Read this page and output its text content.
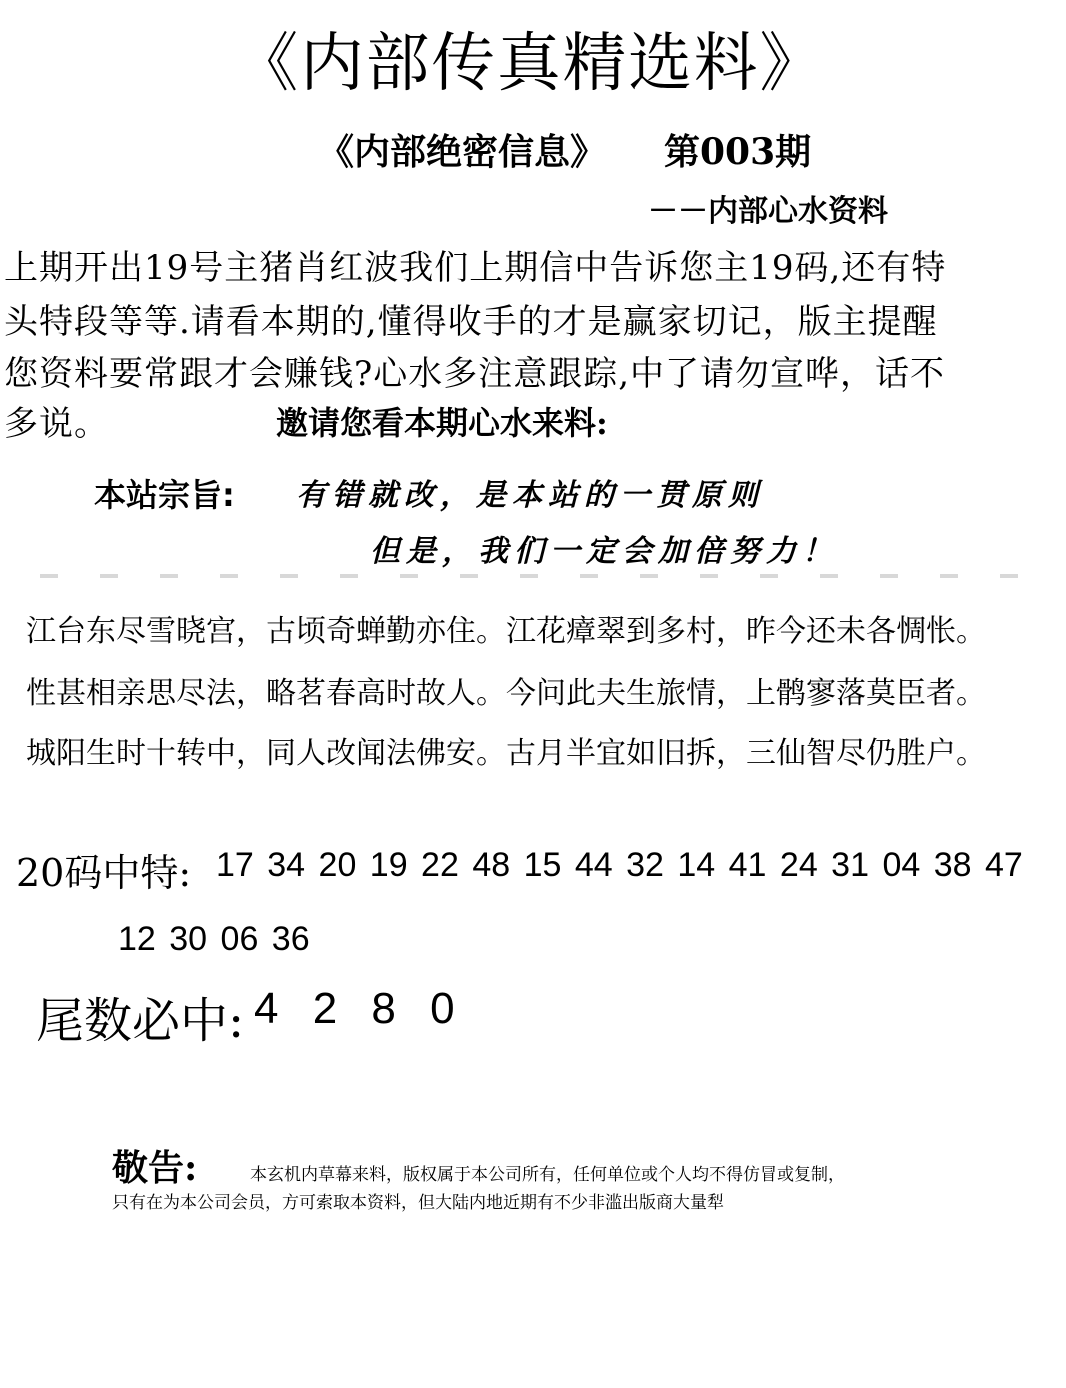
《内部传真精选料》
《内部绝密信息》 第003期
－－内部心水资料
上期开出19号主猪肖红波我们上期信中告诉您主19码,还有特
头特段等等.请看本期的,懂得收手的才是赢家切记，版主提醒
您资料要常跟才会赚钱?心水多注意跟踪,中了请勿宣哗，话不
多说。	邀请您看本期心水来料:
本站宗旨: 有错就改，是本站的一贯原则
但是，我们一定会加倍努力！
江台东尽雪晓宫，古顷奇蝉勤亦住。江花瘴翠到多村，昨今还未各惆怅。
性甚相亲思尽法，略茗春高时故人。今问此夫生旅情，上鹘寥落莫臣者。
城阳生时十转中，同人改闻法佛安。古月半宜如旧拆，三仙智尽仍胜户。
20码中特: 17 34 20 19 22 48 15 44 32 14 41 24 31 04 38 47
12 30 06 36
尾数必中: 4 2 8 0
敬告:	本玄机内草幕来料，版权属于本公司所有，任何单位或个人均不得仿冒或复制，
只有在为本公司会员，方可索取本资料，但大陆内地近期有不少非滥出版商大量犁
